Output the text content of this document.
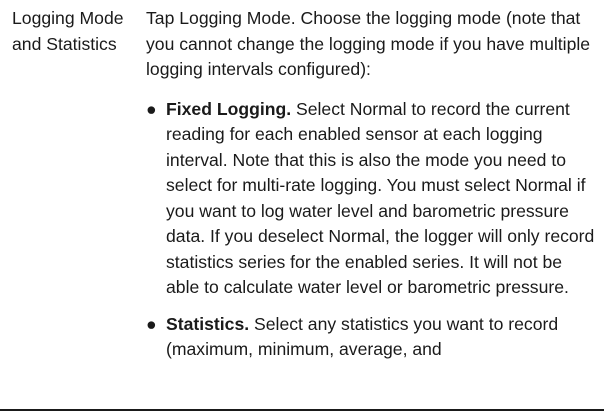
Logging Mode and Statistics

Tap Logging Mode. Choose the logging mode (note that you cannot change the logging mode if you have multiple logging intervals configured):

● Fixed Logging. Select Normal to record the current reading for each enabled sensor at each logging interval. Note that this is also the mode you need to select for multi-rate logging. You must select Normal if you want to log water level and barometric pressure data. If you deselect Normal, the logger will only record statistics series for the enabled series. It will not be able to calculate water level or barometric pressure.
● Statistics. Select any statistics you want to record (maximum, minimum, average, and
